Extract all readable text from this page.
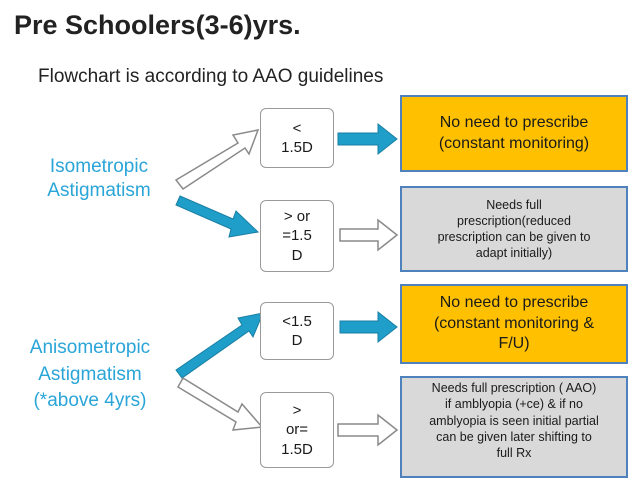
Pre Schoolers(3-6)yrs.
Flowchart is according to AAO guidelines
Isometropic
Astigmatism
Anisometropic
Astigmatism
(*above 4yrs)
<
1.5D
> or
=1.5
D
<1.5
D
>
or=
1.5D
No need to prescribe
(constant monitoring)
Needs full
prescription(reduced
prescription can be given to
adapt initially)
No need to prescribe
(constant monitoring &
F/U)
Needs full prescription ( AAO)
if amblyopia (+ce) & if no
amblyopia is seen initial partial
can be given later shifting to
full Rx
